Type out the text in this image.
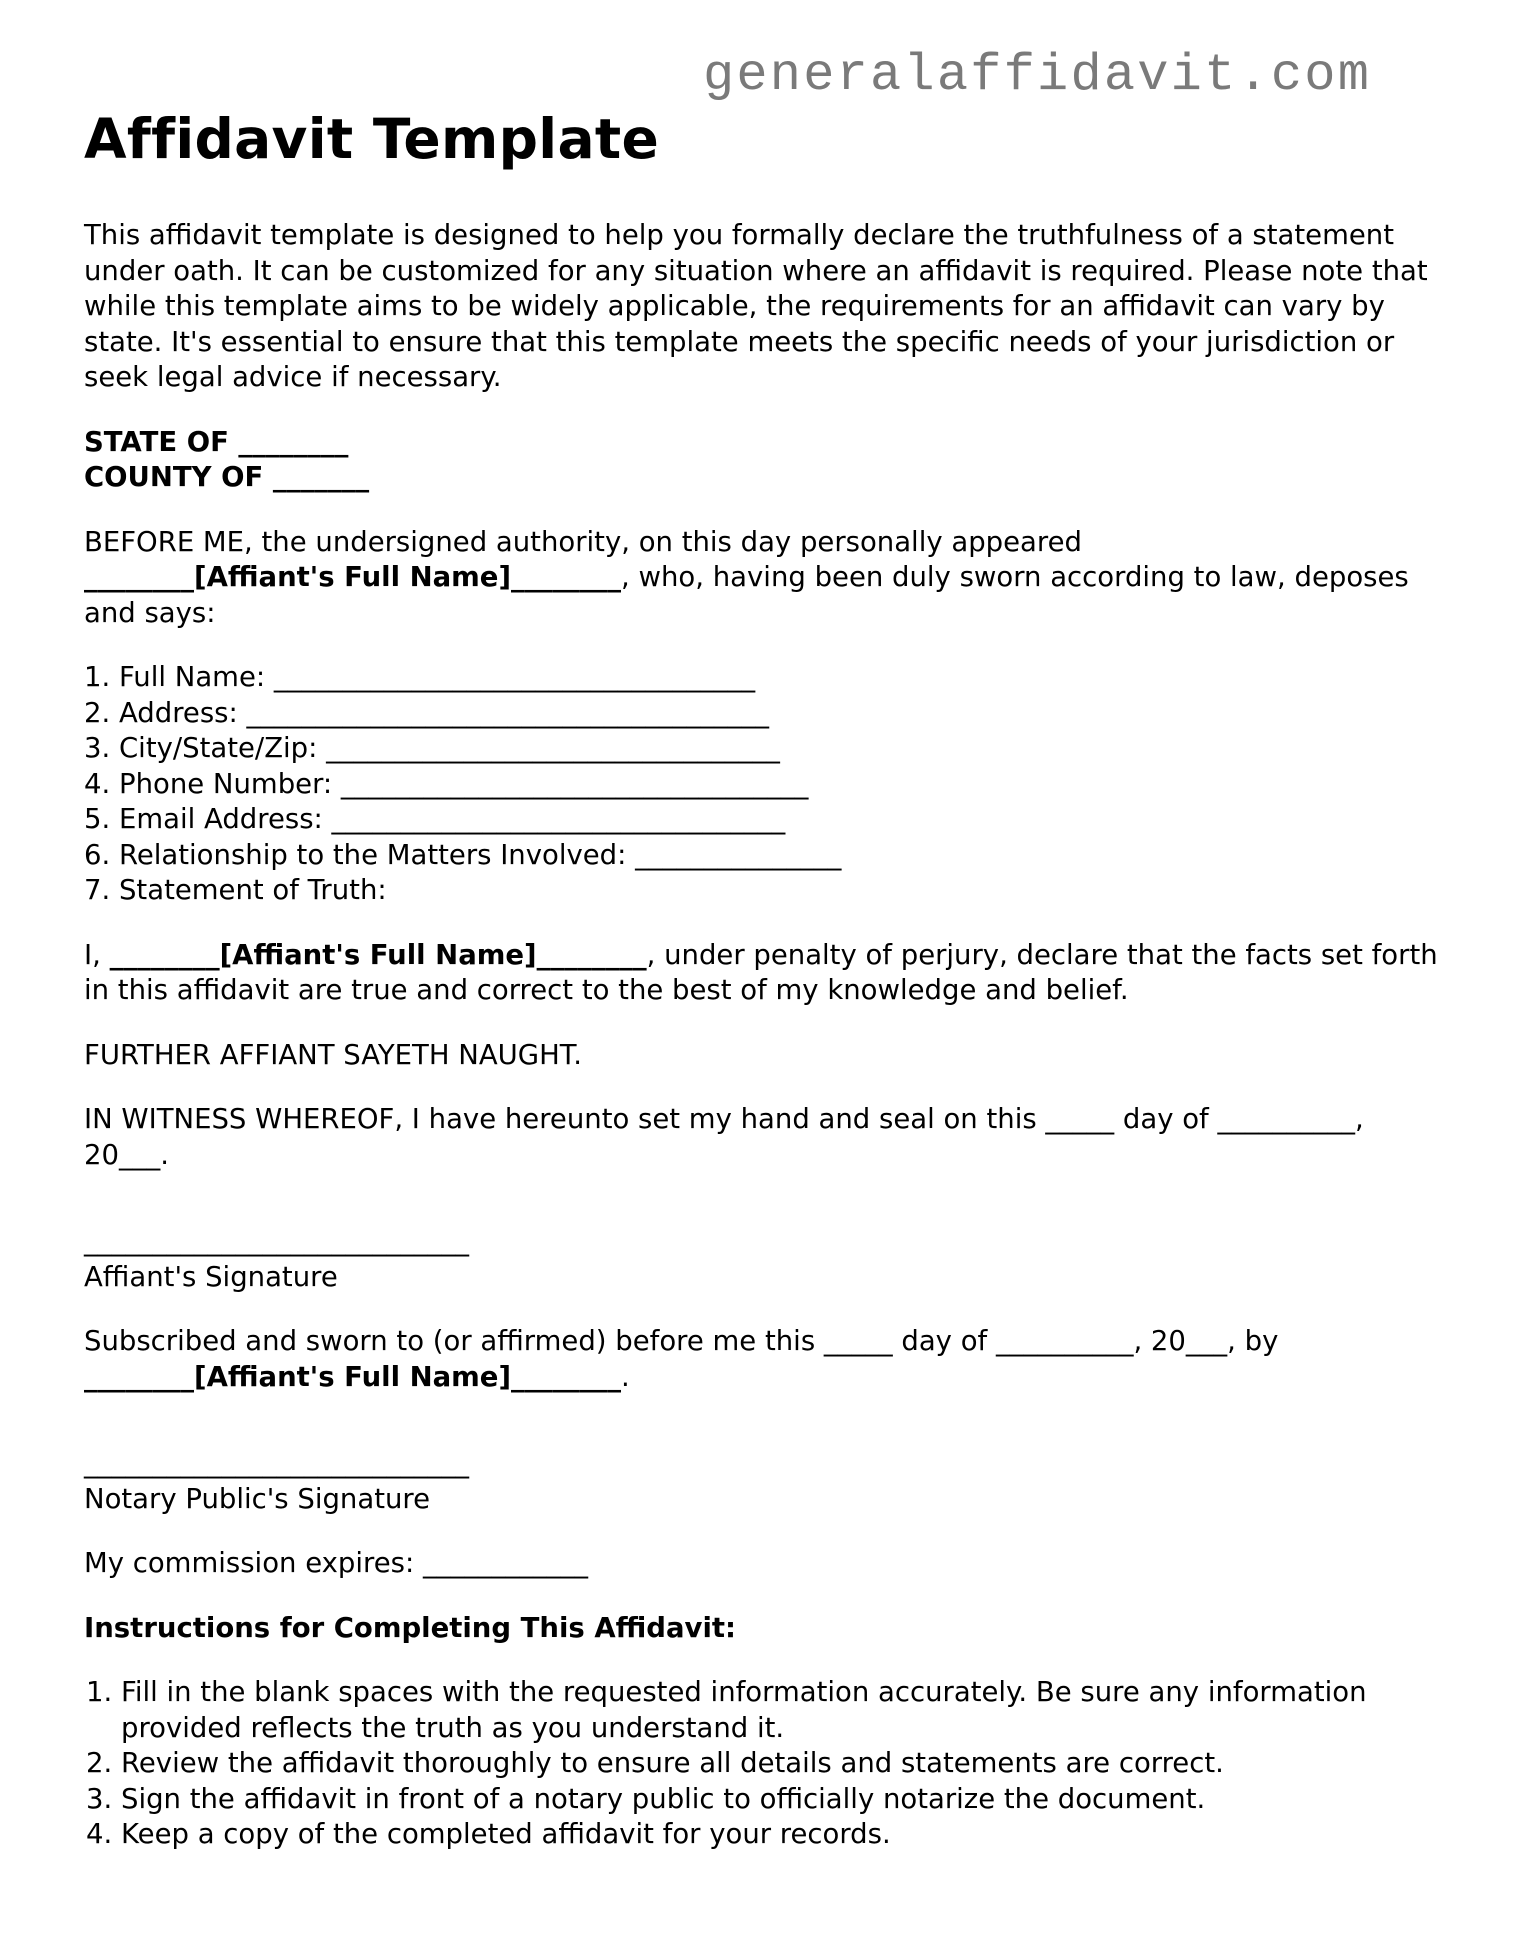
generalaffidavit.com
Affidavit Template

This affidavit template is designed to help you formally declare the truthfulness of a statement under oath. It can be customized for any situation where an affidavit is required. Please note that while this template aims to be widely applicable, the requirements for an affidavit can vary by state. It's essential to ensure that this template meets the specific needs of your jurisdiction or seek legal advice if necessary.

STATE OF ________
COUNTY OF _______

BEFORE ME, the undersigned authority, on this day personally appeared
________[Affiant's Full Name]________, who, having been duly sworn according to law, deposes and says:

1. Full Name: ___________________________________
2. Address: ______________________________________
3. City/State/Zip: _________________________________
4. Phone Number: __________________________________
5. Email Address: _________________________________
6. Relationship to the Matters Involved: _______________
7. Statement of Truth:

I, ________[Affiant's Full Name]________, under penalty of perjury, declare that the facts set forth in this affidavit are true and correct to the best of my knowledge and belief.

FURTHER AFFIANT SAYETH NAUGHT.

IN WITNESS WHEREOF, I have hereunto set my hand and seal on this _____ day of __________, 20___.

____________________________
Affiant's Signature

Subscribed and sworn to (or affirmed) before me this _____ day of __________, 20___, by ________[Affiant's Full Name]________.

____________________________
Notary Public's Signature

My commission expires: ____________

Instructions for Completing This Affidavit:

1. Fill in the blank spaces with the requested information accurately. Be sure any information provided reflects the truth as you understand it.
2. Review the affidavit thoroughly to ensure all details and statements are correct.
3. Sign the affidavit in front of a notary public to officially notarize the document.
4. Keep a copy of the completed affidavit for your records.
